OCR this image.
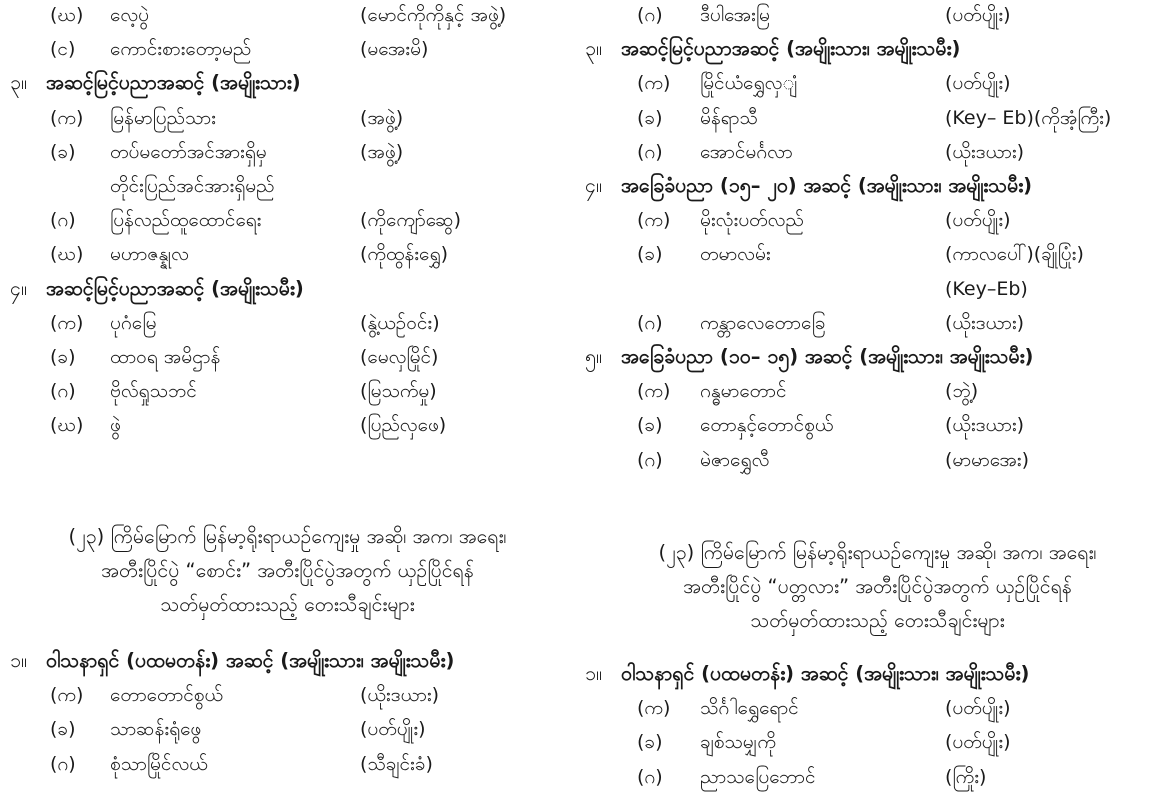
(ဃ) လေ့ပွဲ	(မောင်ကိုကိုနှင့် အဖွဲ့)
(င) ကောင်းစားတော့မည်	(မအေးမိ)
၃။ အဆင့်မြင့်ပညာအဆင့် (အမျိုးသား)
(က) မြန်မာပြည်သား	(အဖွဲ့)
(ခ) တပ်မတော်အင်အားရှိမှ	(အဖွဲ့)
တိုင်းပြည်အင်အားရှိမည်
(ဂ) ပြန်လည်ထူထောင်ရေး	(ကိုကျော်ဆွေ)
(ဃ) မဟာဇန္နုလ	(ကိုထွန်းရွှေ)
၄။ အဆင့်မြင့်ပညာအဆင့် (အမျိုးသမီး)
(က) ပုဂံမြေ	(နွဲ့ယဉ်ဝင်း)
(ခ) ထာဝရ အမိဌာန်	(မေလှမြိုင်)
(ဂ) ဗိုလ်ရှုသဘင်	(မြသက်မှု)
(ဃ) ဖွဲ	(ပြည်လှဖေ)
(၂၃) ကြိမ်မြောက် မြန်မာ့ရိုးရာယဉ်ကျေးမှု အဆို၊ အက၊ အရေး၊
အတီးပြိုင်ပွဲ “စောင်း” အတီးပြိုင်ပွဲအတွက် ယှဉ်ပြိုင်ရန်
သတ်မှတ်ထားသည့် တေးသီချင်းများ
၁။ ဝါသနာရှင် (ပထမတန်း) အဆင့် (အမျိုးသား၊ အမျိုးသမီး)
(က) တောတောင်စွယ်	(ယိုးဒယား)
(ခ) သာဆန်းရုံဖွေ	(ပတ်ပျိုး)
(ဂ) စုံသာမြိုင်လယ်	(သီချင်းခံ)
(ဂ) ဒီပါအေးမြ	(ပတ်ပျိုး)
၃။ အဆင့်မြင့်ပညာအဆင့် (အမျိုးသား၊ အမျိုးသမီး)
(က) မြိုင်ယံရွှေလှျံ	(ပတ်ပျိုး)
(ခ) မိန်ရာသီ	(Key– Eb)(ကိုအံ့ကြီး)
(ဂ) အောင်မင်္ဂလာ	(ယိုးဒယား)
၄။ အခြေခံပညာ (၁၅– ၂၀) အဆင့် (အမျိုးသား၊ အမျိုးသမီး)
(က) မိုးလုံးပတ်လည်	(ပတ်ပျိုး)
(ခ) တမာလမ်း	(ကာလပေါ်)(ချိုပြုံး)
(Key–Eb)
(ဂ) ကန္တာလေတောခြေ	(ယိုးဒယား)
၅။ အခြေခံပညာ (၁၀– ၁၅) အဆင့် (အမျိုးသား၊ အမျိုးသမီး)
(က) ဂန္ဓမာတောင်	(ဘွဲ့)
(ခ) တောနှင့်တောင်စွယ်	(ယိုးဒယား)
(ဂ) မဲဇာရွှေလီ	(မာမာအေး)
(၂၃) ကြိမ်မြောက် မြန်မာ့ရိုးရာယဉ်ကျေးမှု အဆို၊ အက၊ အရေး၊
အတီးပြိုင်ပွဲ “ပတ္တလား” အတီးပြိုင်ပွဲအတွက် ယှဉ်ပြိုင်ရန်
သတ်မှတ်ထားသည့် တေးသီချင်းများ
၁။ ဝါသနာရှင် (ပထမတန်း) အဆင့် (အမျိုးသား၊ အမျိုးသမီး)
(က) သိင်္ဂါရွှေရောင်	(ပတ်ပျိုး)
(ခ) ချစ်သမျှကို	(ပတ်ပျိုး)
(ဂ) ညာသပြေဘောင်	(ကြိုး)
